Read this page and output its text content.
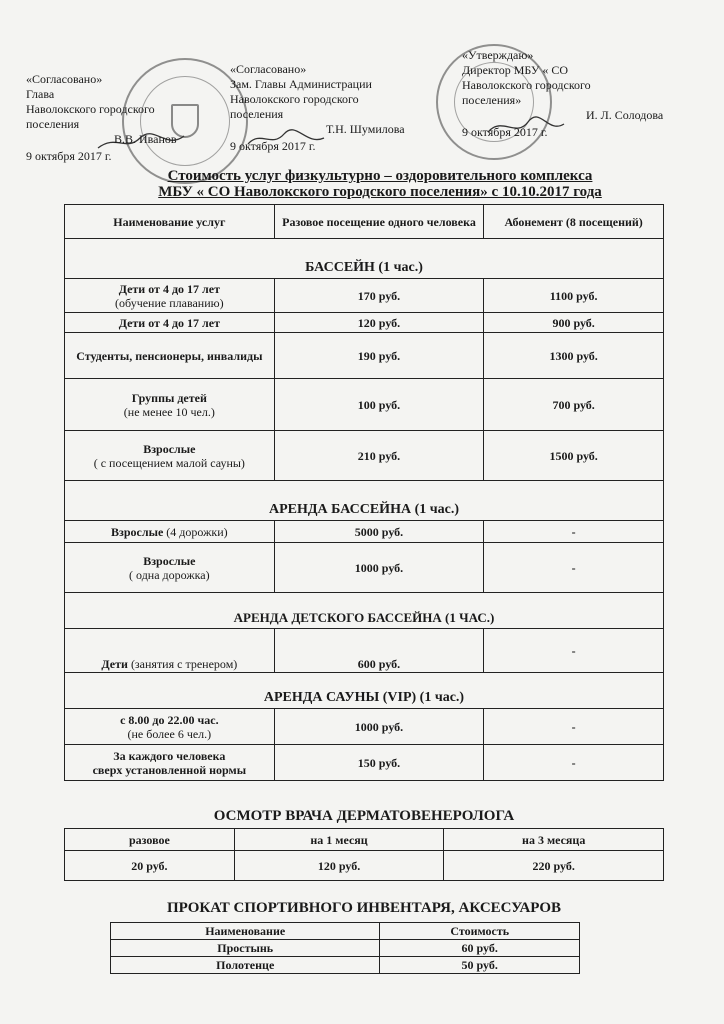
«Согласовано»
Глава
Наволокского городского
поселения
В.В. Иванов
9 октября 2017 г.
«Согласовано»
Зам. Главы Администрации
Наволокского городского
поселения
Т.Н. Шумилова
9 октября 2017 г.
«Утверждаю»
Директор МБУ « СО
Наволокского городского
поселения»
И. Л. Солодова
9 октября 2017 г.
Стоимость услуг физкультурно – оздоровительного комплекса
МБУ « СО Наволокского городского поселения» с 10.10.2017 года
Наименование услуг	Разовое посещение одного человека	Абонемент (8 посещений)
БАССЕЙН (1 час.)		
Дети от 4 до 17 лет
(обучение плаванию)	170 руб.	1100 руб.
Дети от 4 до 17 лет	120 руб.	900 руб.
Студенты, пенсионеры, инвалиды	190 руб.	1300 руб.
Группы детей
(не менее 10 чел.)	100 руб.	700 руб.
Взрослые
( с посещением малой сауны)	210 руб.	1500 руб.
АРЕНДА БАССЕЙНА (1 час.)		
Взрослые (4 дорожки)	5000 руб.	-
Взрослые
( одна дорожка)	1000 руб.	-
АРЕНДА ДЕТСКОГО БАССЕЙНА (1 ЧАС.)		
Дети (занятия с тренером)	600 руб.	-
АРЕНДА САУНЫ (VIP) (1 час.)		
с 8.00 до 22.00 час.
(не более 6 чел.)	1000 руб.	-
За каждого человека
сверх установленной нормы	150 руб.	-
ОСМОТР ВРАЧА ДЕРМАТОВЕНЕРОЛОГА
разовое	на 1 месяц	на 3 месяца
20 руб.	120 руб.	220 руб.
ПРОКАТ СПОРТИВНОГО ИНВЕНТАРЯ, АКСЕСУАРОВ
Наименование	Стоимость
Простынь	60 руб.
Полотенце	50 руб.
